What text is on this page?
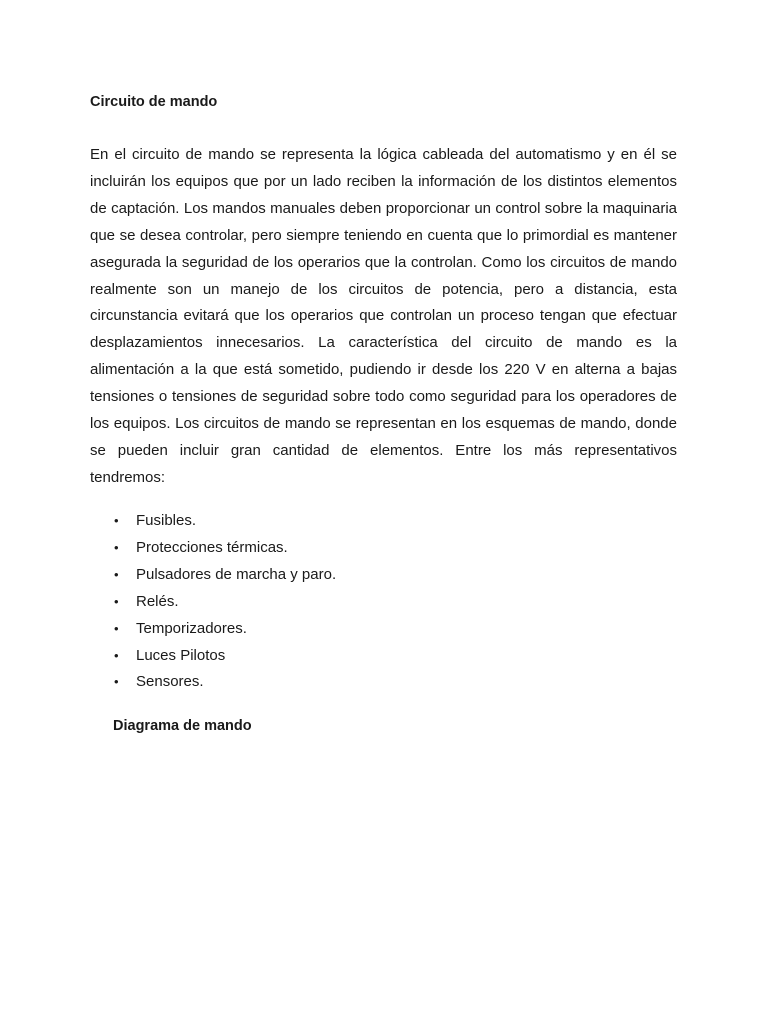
Circuito de mando

En el circuito de mando se representa la lógica cableada del automatismo y en él se incluirán los equipos que por un lado reciben la información de los distintos elementos de captación. Los mandos manuales deben proporcionar un control sobre la maquinaria que se desea controlar, pero siempre teniendo en cuenta que lo primordial es mantener asegurada la seguridad de los operarios que la controlan. Como los circuitos de mando realmente son un manejo de los circuitos de potencia, pero a distancia, esta circunstancia evitará que los operarios que controlan un proceso tengan que efectuar desplazamientos innecesarios. La característica del circuito de mando es la alimentación a la que está sometido, pudiendo ir desde los 220 V en alterna a bajas tensiones o tensiones de seguridad sobre todo como seguridad para los operadores de los equipos. Los circuitos de mando se representan en los esquemas de mando, donde se pueden incluir gran cantidad de elementos. Entre los más representativos tendremos:

• Fusibles.
• Protecciones térmicas.
• Pulsadores de marcha y paro.
• Relés.
• Temporizadores.
• Luces Pilotos
• Sensores.
Diagrama de mando
